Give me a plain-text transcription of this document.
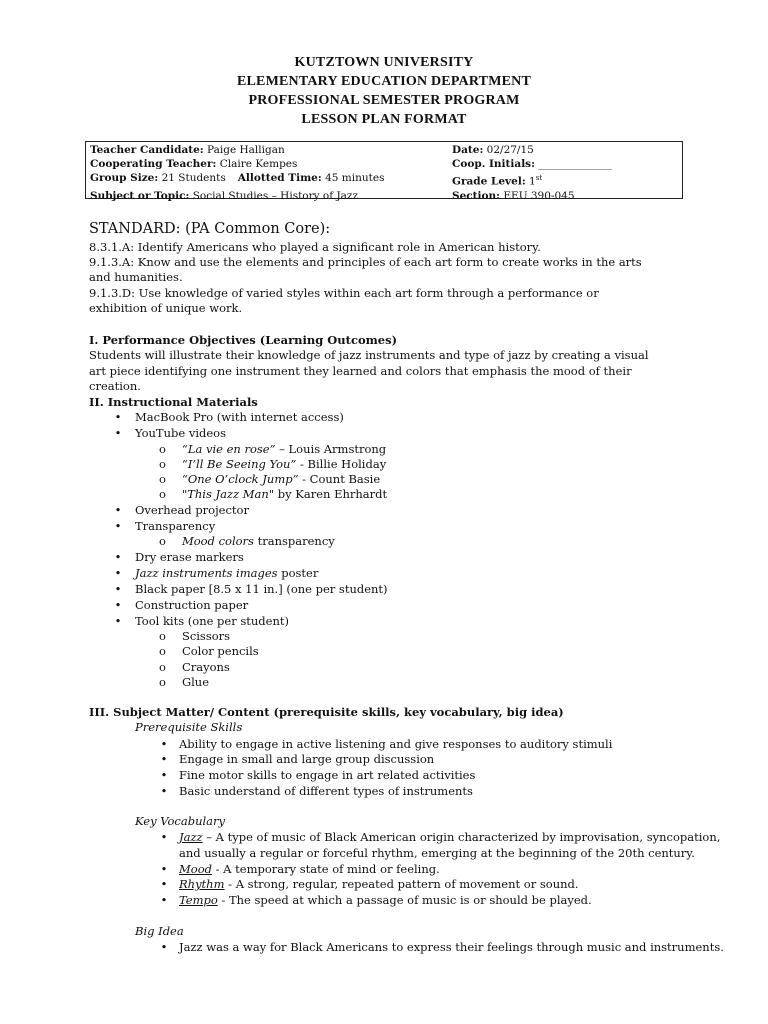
KUTZTOWN UNIVERSITY
ELEMENTARY EDUCATION DEPARTMENT
PROFESSIONAL SEMESTER PROGRAM
LESSON PLAN FORMAT
Teacher Candidate: Paige Halligan	Date: 02/27/15
Cooperating Teacher: Claire Kempes	Coop. Initials: ______________
Group Size: 21 Students Allotted Time: 45 minutes	Grade Level: 1st
Subject or Topic: Social Studies – History of Jazz	Section: EEU 390-045
STANDARD: (PA Common Core):
8.3.1.A: Identify Americans who played a significant role in American history.
9.1.3.A: Know and use the elements and principles of each art form to create works in the arts and humanities.
9.1.3.D: Use knowledge of varied styles within each art form through a performance or exhibition of unique work.
I. Performance Objectives (Learning Outcomes)
Students will illustrate their knowledge of jazz instruments and type of jazz by creating a visual art piece identifying one instrument they learned and colors that emphasis the mood of their creation.
II. Instructional Materials
• MacBook Pro (with internet access)
• YouTube videos
o “La vie en rose” – Louis Armstrong
o “I’ll Be Seeing You” - Billie Holiday
o “One O’clock Jump” - Count Basie
o "This Jazz Man" by Karen Ehrhardt
• Overhead projector
• Transparency
o Mood colors transparency
• Dry erase markers
• Jazz instruments images poster
• Black paper [8.5 x 11 in.] (one per student)
• Construction paper
• Tool kits (one per student)
o Scissors
o Color pencils
o Crayons
o Glue
III. Subject Matter/ Content (prerequisite skills, key vocabulary, big idea)
Prerequisite Skills
• Ability to engage in active listening and give responses to auditory stimuli
• Engage in small and large group discussion
• Fine motor skills to engage in art related activities
• Basic understand of different types of instruments
Key Vocabulary
• Jazz – A type of music of Black American origin characterized by improvisation, syncopation,
and usually a regular or forceful rhythm, emerging at the beginning of the 20th century.
• Mood - A temporary state of mind or feeling.
• Rhythm - A strong, regular, repeated pattern of movement or sound.
• Tempo - The speed at which a passage of music is or should be played.
Big Idea
• Jazz was a way for Black Americans to express their feelings through music and instruments.
